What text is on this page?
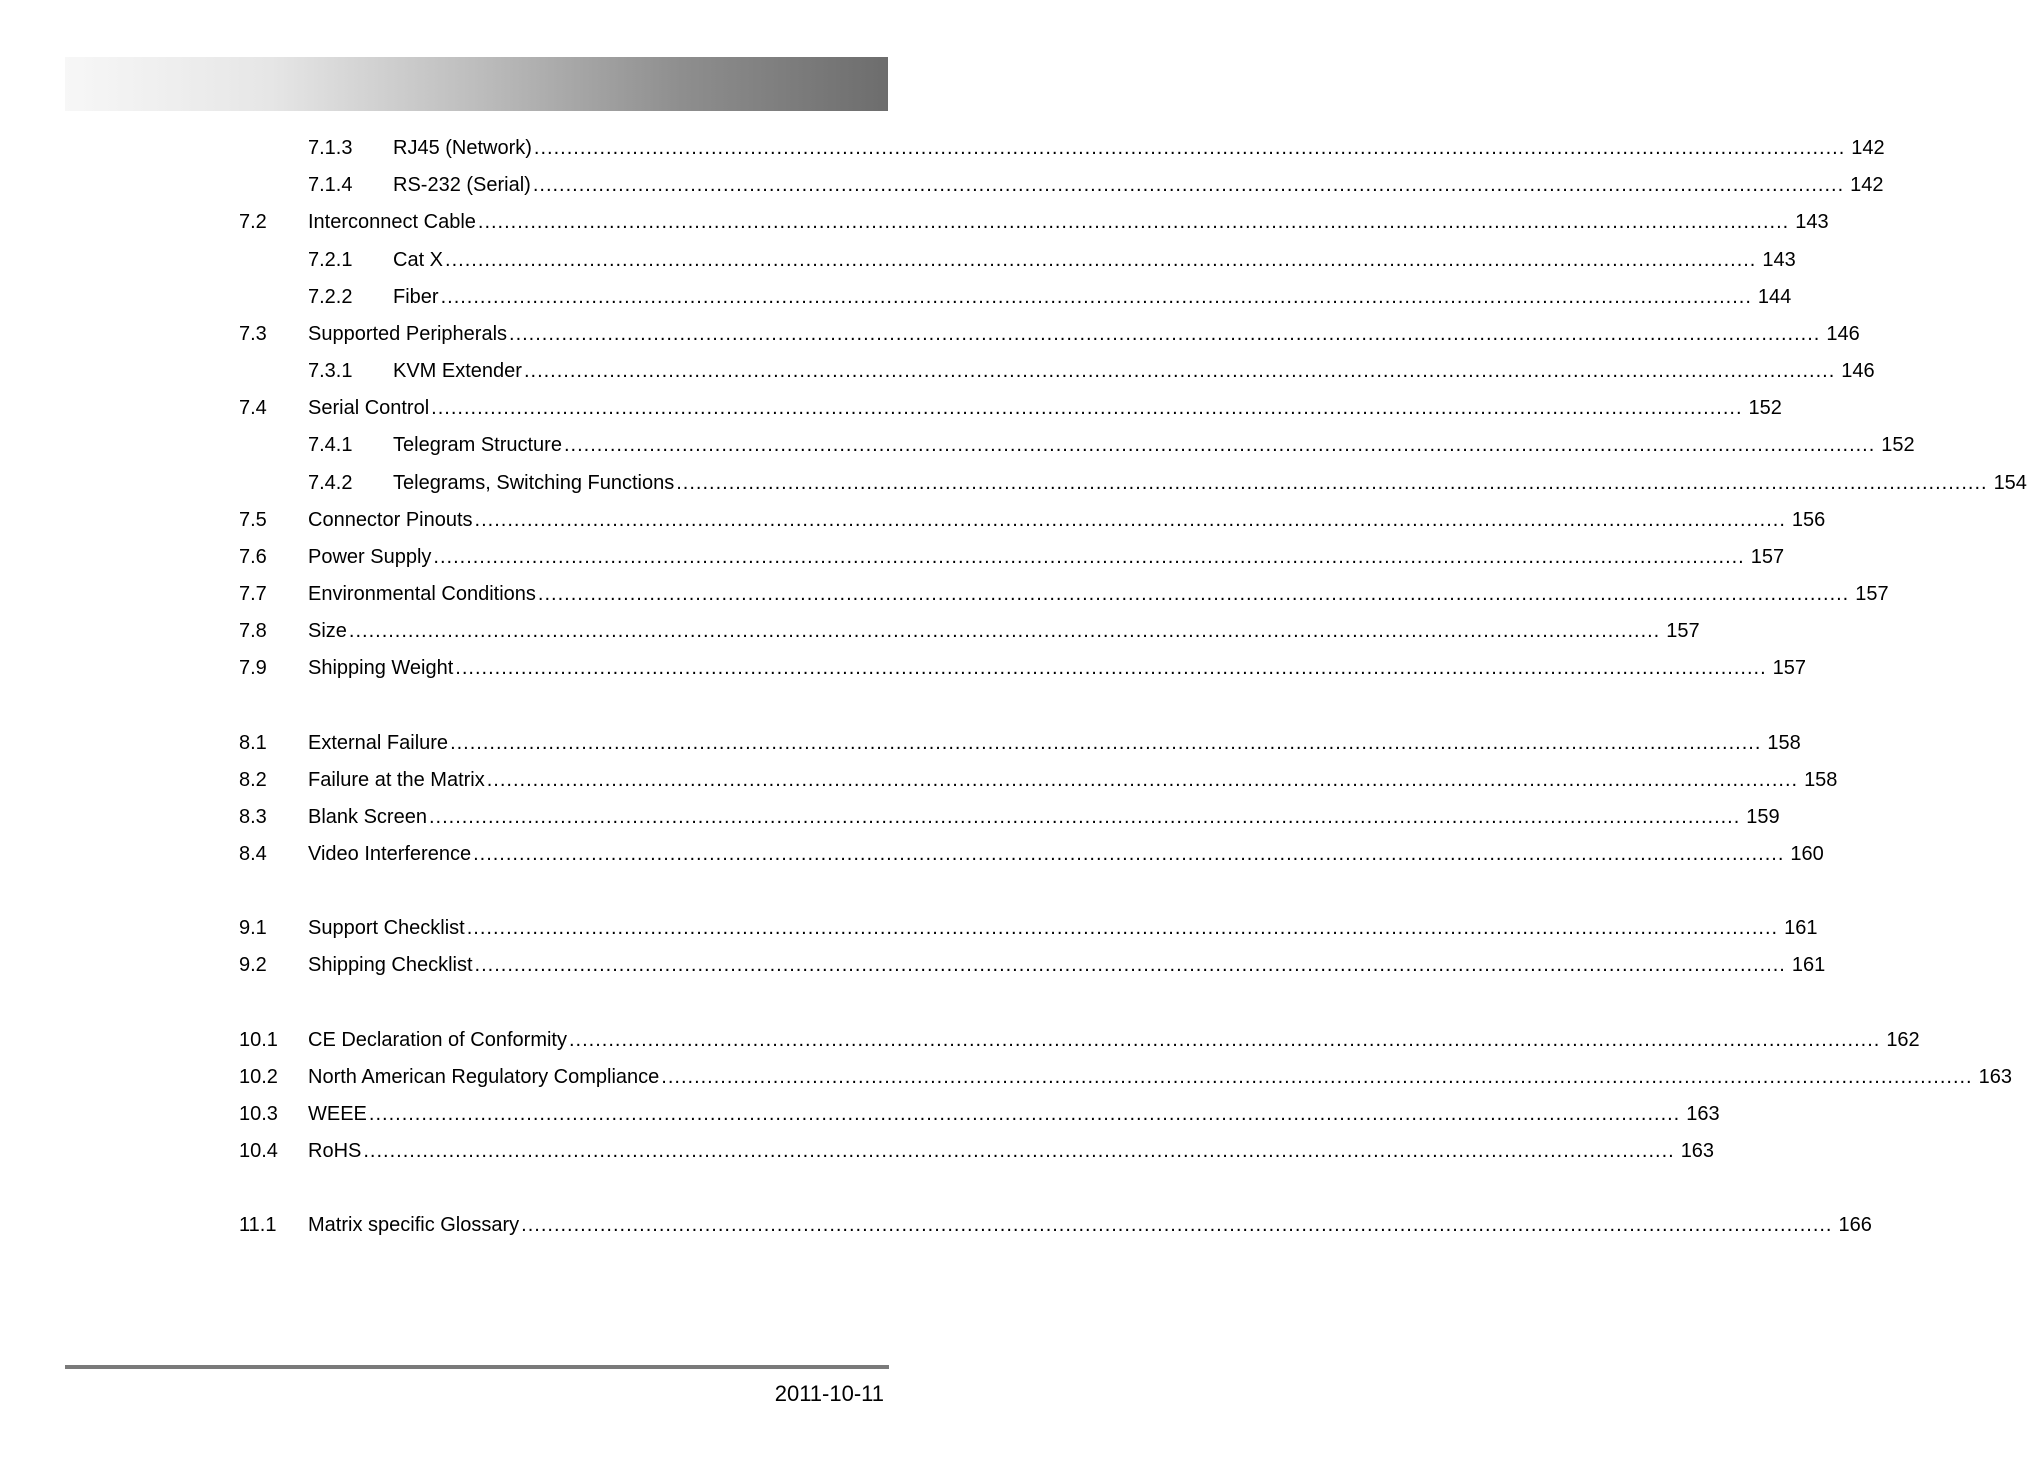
7.1.3 RJ45 (Network) ........................................................................................................................................................................................................ 142
7.1.4 RS-232 (Serial) ........................................................................................................................................................................................................ 142
7.2 Interconnect Cable ........................................................................................................................................................................................................ 143
7.2.1 Cat X ........................................................................................................................................................................................................ 143
7.2.2 Fiber ........................................................................................................................................................................................................ 144
7.3 Supported Peripherals ........................................................................................................................................................................................................ 146
7.3.1 KVM Extender ........................................................................................................................................................................................................ 146
7.4 Serial Control ........................................................................................................................................................................................................ 152
7.4.1 Telegram Structure ........................................................................................................................................................................................................ 152
7.4.2 Telegrams, Switching Functions ........................................................................................................................................................................................................ 154
7.5 Connector Pinouts ........................................................................................................................................................................................................ 156
7.6 Power Supply ........................................................................................................................................................................................................ 157
7.7 Environmental Conditions ........................................................................................................................................................................................................ 157
7.8 Size ........................................................................................................................................................................................................ 157
7.9 Shipping Weight ........................................................................................................................................................................................................ 157
8.1 External Failure ........................................................................................................................................................................................................ 158
8.2 Failure at the Matrix ........................................................................................................................................................................................................ 158
8.3 Blank Screen ........................................................................................................................................................................................................ 159
8.4 Video Interference ........................................................................................................................................................................................................ 160
9.1 Support Checklist ........................................................................................................................................................................................................ 161
9.2 Shipping Checklist ........................................................................................................................................................................................................ 161
10.1 CE Declaration of Conformity ........................................................................................................................................................................................................ 162
10.2 North American Regulatory Compliance ........................................................................................................................................................................................................ 163
10.3 WEEE ........................................................................................................................................................................................................ 163
10.4 RoHS ........................................................................................................................................................................................................ 163
11.1 Matrix specific Glossary ........................................................................................................................................................................................................ 166
2011-10-11
